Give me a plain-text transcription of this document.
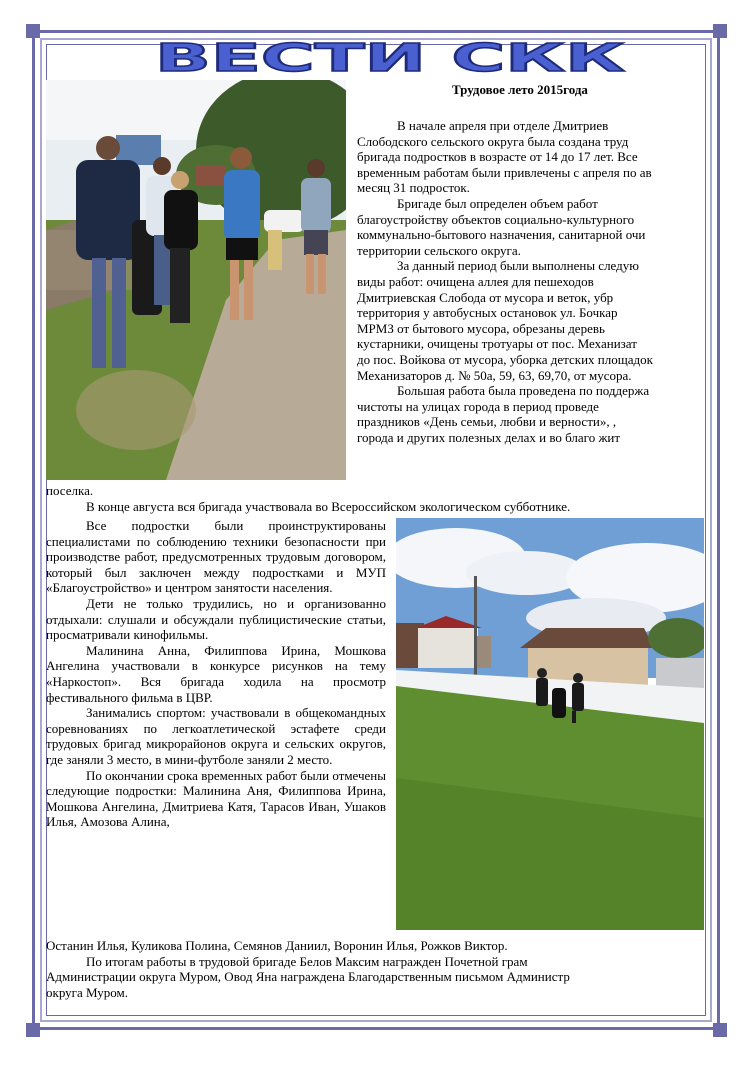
ВЕСТИ СКК
Трудовое лето 2015года

В начале апреля при отделе Дмитриев

Слободского сельского округа была создана труд

бригада подростков в возрасте от 14 до 17 лет. Все

временным работам были привлечены с апреля по ав

месяц 31 подросток.

Бригаде был определен объем работ

благоустройству объектов социально-культурного

коммунально-бытового назначения, санитарной очи

территории сельского округа.

За данный период были выполнены следую

виды работ: очищена аллея для пешеходов

Дмитриевская Слобода от мусора и веток, убр

территория у автобусных остановок ул. Бочкар

МРМЗ от бытового мусора, обрезаны деревь

кустарники, очищены тротуары от пос. Механизат

до пос. Войкова от мусора, уборка детских площадок

Механизаторов д. № 50а, 59, 63, 69,70, от мусора.

Большая работа была проведена по поддержа

чистоты на улицах города в период проведе

праздников «День семьи, любви и верности», ,

города и других полезных делах и во благо жит

поселка.

В конце августа вся бригада участвовала во Всероссийском экологическом субботнике.

Все подростки были проинструктированы специалистами по соблюдению техники безопасности при производстве работ, предусмотренных трудовым договором, который был заключен между подростками и МУП «Благоустройство» и центром занятости населения.

Дети не только трудились, но и организованно отдыхали: слушали и обсуждали публицистические статьи, просматривали кинофильмы.

Малинина Анна, Филиппова Ирина, Мошкова Ангелина участвовали в конкурсе рисунков на тему «Наркостоп». Вся бригада ходила на просмотр фестивального фильма в ЦВР.

Занимались спортом: участвовали в общекомандных соревнованиях по легкоатлетической эстафете среди трудовых бригад микрорайонов округа и сельских округов, где заняли 3 место, в мини-футболе заняли 2 место.

По окончании срока временных работ были отмечены следующие подростки: Малинина Аня, Филиппова Ирина, Мошкова Ангелина, Дмитриева Катя, Тарасов Иван, Ушаков Илья, Амозова Алина,

Останин Илья, Куликова Полина, Семянов Даниил, Воронин Илья, Рожков Виктор.

По итогам работы в трудовой бригаде Белов Максим награжден Почетной грам

Администрации округа Муром, Овод Яна награждена Благодарственным письмом Администр

округа Муром.
